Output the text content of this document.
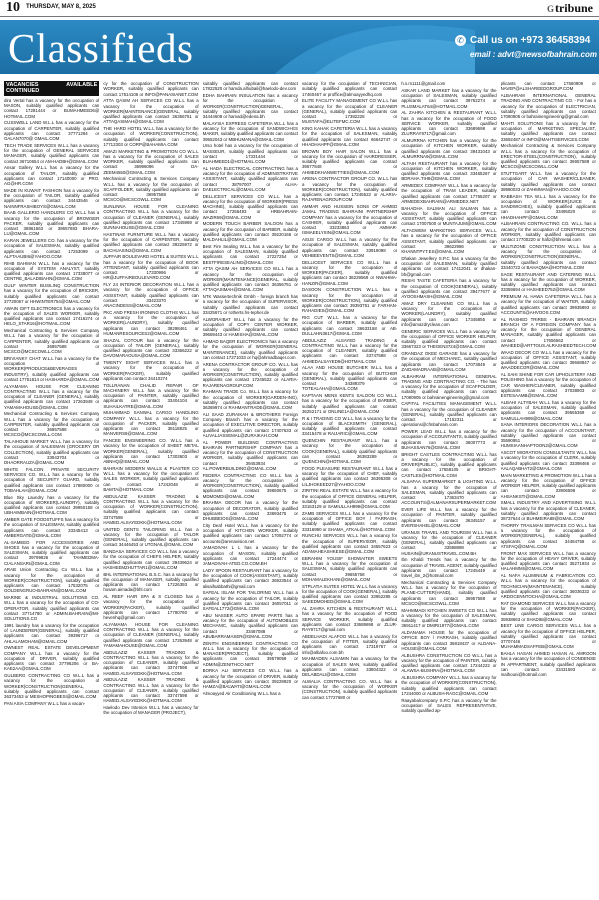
10 THURSDAY, MAY 8, 2025	Gtribune
Classifieds	✆ Call us on +973 36458394
email : advt@newsofbahrain.com
VACANCIES AVAILABLE CONTINUED

dira Vertal has a vacancy for the occupation of MASON, suitably qualified applicants can contact 17281444 or BUMAHMEED6@ HOTMAIL.COM

CUSSWELL LAND W.L.L has a vacancy for the occupation of CARPENTER, suitably qualified applicants can contact 37771294 or GALAN7070@ GMAIL.COM

TECH TRADE SERVICES W.L.L has a vacancy for the occupation of GENERAL SERVICES MANAGER, suitably qualified applicants can contact 36710654 or AM-HADBH@GMAIL.COM

Ansar Gallery W.L.L has a vacancy for the occupation of TAILOR, suitably qualified applicants can contact 17140000 or PRO. AG@HR.COM

MADE IN KUWAIT FASHION has a vacancy for the occupation of TAILOR, suitably qualified applicants can contact 34443546 or NAINNFRASHIBOYS@GMAIL.COM

BAAB GALLERIO HANDLERS CO W.L.L has a vacancy for the occupation of BROWSER PACKER, suitably qualified applicants can contact 38861563 or 38657883 BHARA-LU@GMAIL.COM

KARAN JEWELLERS CO. has a vacancy for the occupation of SALESMAN, suitably qualified applicants can contact 17253099 or ALFTAAUBI6@YAHOO.COM

RIHB BAHMAN W.L.L has a vacancy for the occupation of SYSTEM ANALYST, suitably qualified applicants can contact 17338077 or CENTRE_BALADIBAHN@GMAIL.COM

GULF WINTER BUSILINQ CONSTRUCTION has a vacancy for the occupation of BRICKER, suitably qualified applicants can contact 37720067 or HHWINTER754@GMAIL.COM

AWAIN GIFT ELECTRONICS has a vacancy for the occupation of SALES WORKER, suitably qualified applicants can contact 17416274 or HELO_STAR16@HOTMAIL.COM

Mechanical Contracting & Services Company W.L.L has a vacancy for the occupation of CARPENTER, suitably qualified applicants can contact 36957588 or MCSCO@MCSCOWLL.COM

BRIVIANKY CHAT W.L.L has a vacancy for the occupation of WORKER(PRODUCE&BEVERAGES INDUSTRY), suitably qualified applicants can contact 17751814 or HASHARDA@GMAIL.COM

ALYAMAMA HOUSE FOR CLEANING CONTRACTING W.L.L has a vacancy for the occupation of CLEANER (GENERAL), suitably qualified applicants can contact 17263948 or YAMAMAHOUSE@GMAIL.COM

Mechanical Contracting & Services Company W.L.L has a vacancy for the occupation of CARPENTER, suitably qualified applicants can contact 36957588 or MCSCO@MCSCOWLL.COM

TALAIHOUE MARKET W.L.L has a vacancy for the occupation of SALESMAN (GROCERY OR COLLECTION), suitably qualified applicants can contact 33943704 or DHAORRAUZA@GMAIL.COM

WHITE FALCON PRIVATE SECURITY SERVICES CO. W.L.L has a vacancy for the occupation of SECURITY GUARD, suitably qualified applicants can contact 17880000 or TOBAHLAH@GMAIL.COM

Blue Sky Laundry has a vacancy for the occupation of WORKER(LAUNDRY), suitably qualified applicants can contact 39950158 or UBHAIMBAIN@HOTMAIL.COM

AMBER GATE FOODSTUFFS has a vacancy for the occupation of SALESMAN, suitably qualified applicants can contact 33345413 or AMBERGATE@GMAIL.COM

AL-SAMEED FOR ACCESSORIES AND SHOES has a vacancy for the occupation of SALESMAN, suitably qualified applicants can contact 39799826 or TAHMEDMA-CIALANSARI@GMAIL.COM

ARAB Union Contracting Co W.L.L has a vacancy for the occupation of WORKER(CONSTRUCTION), suitably qualified applicants can contact 17532075 or GOLDENGRUO-BAHRAIN@GMAIL.COM

MARINE & INDUSTRIAL SOLUTIONS CO. W.L.L has a vacancy for the occupation of CO-OPERATOR, suitably qualified applicants can contact 37714780 or ADMIN.BAHRAIN@MI-SOLUTIONS.CO

1991 laundry has a vacancy for the occupation of LAUNDERER(GENERAL), suitably qualified applicants can contact 39396717 or AHLALAMOHAM@GMAIL.COM

OWNEST REAL ESTATE DEVELOPMENT COMPANY W.L.L has a vacancy for the occupation of DRIVER, suitably qualified applicants can contact 37796206 or BA-KAE2AA@GMAIL.COM

GULBERG CONTRACTING CO W.L.L has a vacancy for the occupation of WORKER(CONSTRUCTION)GENERAL, suitably qualified applicants can contact 36373453 or MESHOPINGBESI@GMAIL.COM

PAN ASIA COMPANY W.L.L has a vacan-

cy for the occupation of CONSTRUCTION WORKER, suitably qualified applicants can contact 17514106 or INFO@PANASIANET.COM

ATTA QASIM AH SERVICES CO W.L.L has a vacancy for the occupation of WORKER(MAINTENANCE)GENERAL, suitably qualified applicants can contact 36356751 or ATTAQASIMAH@GMAIL.COM

THE HARD HOTEL W.L.L has a vacancy for the occupation of WORKER(CONSTRUCTION), suitably qualified applicants can contact 17712303 or CORP@BAHAMIA.COM

AMAZI MARKETING & PROMOTION CO W.L.L has a vacancy for the occupation of SALES WORKER, suitably qualified applicants can contact 36996096 or DA-ZEEM4550@GMAIL.COM

Mechanical Contracting & Services Company W.L.L has a vacancy for the occupation of SCAFFOLDER, suitably qualified applicants can contact 36957588 or MCSCO@MCSCOWLL.COM

SUNLINNA HOUSE FOR CLEANING CONTRACTING W.L.L has a vacancy for the occupation of CLEANER (GENERAL), suitably qualified applicants can contact 17345969 or SUNNAHOUSE@GMAIL.COM

HASTINAE FURNITURE W.L.L has a vacancy for the occupation of CARPENTER, suitably qualified applicants can contact 39225972 or BACHUASIN2@GMAIL.COM

JUFFAIR BOULEVARD HOTEL & SUITES W.L.L has a vacancy for the occupation of BOOK ATTENDANT, suitably qualified applicants can contact 17330996 or HR@JUFFAIRBOULEVARD.COM

FLY 24 INTERIOR DECORATION W.L.L has a vacancy for the occupation of OFFICE ASSISTANT, suitably qualified applicants can contact 33423370 or ANACINDESS@GMAIL.COM

PKC AND FRESH IRONING CLOTHS W.L.L has a vacancy for the occupation of WORKER(LAUNDRY), suitably qualified applicants can contact 38298461 or HUMANRESOURCES2@GMAIL.COM

SHAZAL COTOUR has a vacancy for the occupation of TAILOR (GENERAL), suitably qualified applicants can contact 33366222 or DAVOMARAOUSA@GMAIL.COM

TWENTY EIGHT SERVICES W.L.L has a vacancy for the occupation of WORKER(PACKER), suitably qualified applicants can contact 34410274

TOLLRANAN CHALID REPAIR OF MACHINERY W.L.L has a vacancy for the occupation of PAINTER, suitably qualified applicants can contact 33404104 or SUHAILKATRE@GMAIL.COM

MUHAMMAD SANWAL CARGO HANDLING COMPANY W.L.L has a vacancy for the occupation of PACKER, suitably qualified applicants can contact 38118825 or MANVERS9@GMAIL.COM

FANCEE ENGINEERING CO. W.L.L has a vacancy for the occupation of SHEET METAL WORKER(GENERAL), suitably qualified applicants can contact 17303603 or ABNHQ@ISMAIL.COM

BAHRAIN MODERN WALLS & PLASTER CO W.L.L has a vacancy for the occupation of SALES WORKER, suitably qualified applicants can contact 17242048 or BAMTA@HOTMAIL.COM

ABDULAZIZ KASSER TRADING & CONTRACTING W.L.L has a vacancy for the occupation of WORKER(CONSTRUCTION), suitably qualified applicants can contact 33747598 or HAMED.ALSAYEDKK@HOTMAIL.COM

UNITED GENTS TAILORING W.L.L has a vacancy for the occupation of TAILOR (GENERAL), suitably qualified applicants can contact 34446453 or UTGNAIL@GMAIL.COM

BANDASA SERVICES CO W.L.L has a vacancy for the occupation of CHEFS HELPER, suitably qualified applicants can contact 39439624 or HASHEEMZHUTTAR1@GMAIL.COM

BHL INTERNATIONAL B.S.C. has a vacancy for the occupation of MANAGER, suitably qualified applicants can contact 17226393 or hosam.aimada@bhl.com

AL REEF HAIR SPA & S CLOSED has a vacancy for the occupation of WORKER(PACKER), suitably qualified applicants can contact 17780760 or hevenhq@gmail.com

ALYAMAMA HOUSE FOR CLEANING CONTRACTING W.L.L has a vacancy for the occupation of CLEANER (GENERAL), suitably qualified applicants can contact 17263948 or YAMAMAHOUSE@GMAIL.COM

ABDULAZIZ KASSER TRADING & CONTRACTING W.L.L has a vacancy for the occupation of CLEANER, suitably qualified applicants can contact 33747598 or HAMED.ALSAYEDKK@HOTMAIL.COM

ABDULAZIZ KASSER TRADING & CONTRACTING W.L.L has a vacancy for the occupation of CLEANER, suitably qualified applicants can contact 33747598 or HAMED.ALSAYEDKK@HOTMAIL.COM

Haelodo Dev Intenion W.L.L has a vacancy for the occupation of MANAGER (PROJECT),

suitably qualified applicants can contact 17822520 or hamda.alhubail@haelodo-dev.com

EDHA BAHRAIN INSULATION has a vacancy for the occupation of WORKER(CONSTRUCTION)GENERAL, suitably qualified applicants can contact 34444608 or hamad@edena.bh

MALAYSIA EXPRESS CAFETERIA W.L.L has a vacancy for the occupation of SANDWICH-ES MAKER, suitably qualified applicants can contact 39552043 or MBHUMANA@GMAIL.COM

Urso hotel has a vacancy for the occupation of MASSEUR, suitably qualified applicants can contact 17331444 or BUAHMEED1@HOTMAIL.COM

AL HADA ELECTRICAL CONTRACTING has a vacancy for the occupation of ADMINISTRATIVE ASSISTANT, suitably qualified applicants can contact 38797007 or ALHA-DAELECTRICAL@GMAIL.COM

DELLICEST SERVICES CO W.L.L has a vacancy for the occupation of WORKER(PRESS MACHINE), suitably qualified applicants can contact 17256493 or HRBAHRAIN-WAZIR69@GMAIL.COM

MODERN TOUCH BARBER SALOON has a vacancy for the occupation of BARBER, suitably qualified applicants can contact 39220166 or MALDAHLIL@GMAIL.COM

Best Fire Sealing W.L.L has a vacancy for the occupation of SALESMAN, suitably qualified applicants can contact 17227254 or BESTFIRESEALING@GMAIL.COM

ATTA QASIM AH SERVICES CO W.L.L has a vacancy for the occupation of WORKER(MAINTENANCE)GENERAL, suitably qualified applicants can contact 36356751 or ATTAQASIMAH@GMAIL.COM

NTK Wassertechnik Gmbh - foreign branch has a vacancy for the occupation of SUPERVISOR, suitably qualified applicants can contact 33425671 or rotherts.hs-tepher.de

ALWORAIBAT W.L.L has a vacancy for the occupation of COPY CENTER WORKER, suitably qualified applicants can contact 39669443 or HAMISHA@GMAIL.COM

AHMAD BAQER ELECTRONICS has a vacancy for the occupation of WORKER(GENERAL MAINTENANCE), suitably qualified applicants can contact 17271033 or hq@ahmadbaqer.com

ARENA CONTRACTOR GROUP CO. W.L.L has a vacancy for the occupation of WORKER(CONSTRUCTION), suitably qualified applicants can contact 17245522 or ALARIA-RAJARENAGROUP.COM

RAHMAN TRADE Co. W.L.L has a vacancy for the occupation of WORKER(GARDEN-ING), suitably qualified applicants can contact 36369974 or RAHMANTRADE@GMAIL.COM

ALI SAAD ZURAIKAH & BROTHERS Foreign Company Branch has a vacancy for the occupation of EXECUTIVE DIRECTOR, suitably qualified applicants can contact 17407633 or ALIVALJASSEMAL@ZURAIKAH.COM

AL POWER BUILDING CONTRACTING BAHRAIN PARTNERSHIP COMPANY has a vacancy for the occupation of CONSTRUCTION WORKER, suitably qualified applicants can contact 39453934 or AL.POWERBUILDING@GMAIL.COM

FEDERA CONTRACTING CO W.L.L has a vacancy for the occupation of WORKER(CONSTRUCTION), suitably qualified applicants can contact 39650675 or MDMOMDI@GMAIL.COM

BRAHMA DECOR has a vacancy for the occupation of DECORATOR, suitably qualified applicants can contact 33693475 or DHUBBEIOS@GMAIL.COM

City Deaf Hotel W.L.L has a vacancy for the occupation of KITCHEN WORKER, suitably qualified applicants can contact 17092774 or accounts@arenavision.net

JAMADIVAH L L has a vacancy for the occupation of MASON, suitably qualified applicants can contact 17244474 or JAMADIVAH-ATED.CO.COM.BH

LADY SPOON RESTAURANT has a vacancy for the occupation of COOK(ASSISTANT), suitably qualified applicants can contact 36923544 or alisaifsabbathi@gmail.com

SAFEAL ISLAM FOR TAILORING W.L.L has a vacancy for the occupation of TAILOR, suitably qualified applicants can contact 36057011 or SAFEAL1772@GMAIL.COM

ABU NASSER AUTO SPARE PARTS has a vacancy for the occupation of AUTOMOBILES MECHANIC, suitably qualified applicants can contact 33487088 or ABUBARRAMASER@GMAIL.COM

ZENITH ENGINEERING CONTRACTING CO W.L.L has a vacancy for the occupation of MANAGER(PROJECT), suitably qualified applicants can contact 39579059 or ADMIN@ZENITHCO.NET

BORKA ALI SERVICES CO W.L.L has a vacancy for the occupation of DRIVER, suitably qualified applicants can contact 39229920 or HAMZA@BALWATI@GMAIL.COM

Almoayyed Air Conditioning W.L.L has a

vacancy for the occupation of TECHNICIAN, suitably qualified applicants can contact 17460467 or proffice@almoayyedhq.com

ELITE FACILITY MANAGEMENT CO W.L.L has a vacancy for the occupation of CLEANER (GENERAL), suitably qualified applicants can contact 17382228 or MUSTAFA@ELITEFMC.COM

KING KAHAK CAFETERIA W.L.L has a vacancy for the occupation of SALESMAN, suitably qualified applicants can contact 66642747 or HHADHAHPF@GMAIL.COM

BROWN BOY HAIR SALON W.L.L has a vacancy for the occupation of HAIRDRESSER, suitably qualified applicants can contact 39577848 or AHMEDKHANWETTIES@GMAIL.COM

ARENA CONTRACTOR GROUP CO. W.L.L has a vacancy for the occupation of WORKER(CONSTRUCTION), suitably qualified applicants can contact 17245522 or ALARIA-RAJARENAGROUP.COM

AMMAR AND HUSSEIN SONS OF AHMED JAMAL TRADING BAHRAINI PARTNERSHIP COMPANY has a vacancy for the occupation of CASHIER, suitably qualified applicants can contact 33233863 or AMMAR-ISMAEELYSIN@GMAIL.COM

ASUS CARGO W.L.L has a vacancy for the occupation of SALESMAN, suitably qualified applicants can contact 33919098 or VEHBEEVENTS@GMAIL.COM

DELLICEST SERVICES CO W.L.L has a vacancy for the occupation of WORKER(PACKER), suitably qualified applicants can contact 38229569 or NWAHMA-HANZIR@GMAIL.COM

DASOON CONSTRUCTION W.L.L has a vacancy for the occupation of WORKER(CONSTRUCTION), suitably qualified applicants can contact 39393751 or FARHAN-RAHADIES@GMAIL.COM

RIG CUT W.L.L has a vacancy for the occupation of BARBER, suitably qualified applicants can contact 36633168 or AB-DULLAHN3617@GMAIL.COM

ABDULAZIZ ALSAYED TRADING & CONTRACTING W.L.L has a vacancy for the occupation of CLEANER, suitably qualified applicants can contact 33747598 or AHMEDALSAYED9@HOTMAIL.COM

ALAA AND HOUSE BUTCHER W.L.L has a vacancy for the occupation of BUTCHER (GENERAL), suitably qualified applicants can contact 34389379 or TOTEALAHA@GMAIL.COM

KAPTAAN MENS KENTS SALOON CO W.L.L has a vacancy for the occupation of BARBER, suitably qualified applicants can contact 36252171 or ONLINE1A@GMAIL.COM

R & I TRADING CO W.L.L has a vacancy for the occupation of BLACKSMITH (GENERAL), suitably qualified applicants can contact 33415478 or RAIJARIC@GMAIL.COM

QUENCHIN RESTAURANT W.L.L has a vacancy for the occupation of COOK(GENERAL), suitably qualified applicants can contact 36383289 or QUENCHIN@HOTMAIL.COM

FOOD PLEASURE RESTAURANT W.L.L has a vacancy for the occupation of CHEF, suitably qualified applicants can contact 36395308 or LILJHOKEED27@YAHOO.COM

ZIRITINI REAL ESTATE W.L.L has a vacancy for the occupation of OFFICE GENERAL HELPER, suitably qualified applicants can contact 33153129 or SAMIULLAH999@GMAIL.COM

ZAMB SERVICES W.L.L has a vacancy for the occupation of OFFICE BOY / FARRASH, suitably qualified applicants can contact 33316990 or SHAMA_ATKAL@HOTMAIL.COM

RUNCHU SERVICES W.L.L has a vacancy for the occupation of SUPERVISOR, suitably qualified applicants can contact 34557623 or ADAMAHEASHKESE@GMAIL.COM

EBRAHIM YOUSIF SHOWAITER SWEETS W.L.L has a vacancy for the occupation of SALESMAN, suitably qualified applicants can contact 39655768 or MOHAMALEKHANI@GMAIL.COM

STPLATIA SUITES HOTEL W.L.L has a vacancy for the occupation of COOK(GENERAL), suitably qualified applicants can contact 33952285 or SAEEDMOHED@GMAIL.COM

AL ZAHRA KITCHEN & RESTAURANT W.L.L has a vacancy for the occupation of FOOD SERVICE WORKER, suitably qualified applicants can contact 33689698 or ZLUR-RAY9717@gmail.com

ABDELHADI ALAFOO W.L.L has a vacancy for the occupation of FITTER, suitably qualified applicants can contact 17319767 or info@albafoo.com.bh

MAHMADEN ALSAMIN has a vacancy for the occupation of SALES MAN, suitably qualified applicants can contact 33804322 or DELABDALI@GMAIL.COM

ALWALIA CONTRACTING CO. W.L.L has a vacancy for the occupation of WORKER (CONSTRUCTION), suitably qualified applicants can contact 17727680 or

h.s.m1111@gmail.com

ASKAR LAND MARKET has a vacancy for the occupation of SALESMAN, suitably qualified applicants can contact 39762274 or PLUSMALAT64@HOTMAIL.COM

AL ZAHRA KITCHEN & RESTAURANT W.L.L has a vacancy for the occupation of FOOD SERVICE WORKER, suitably qualified applicants can contact 33689698 or ZLURRAY9717@gmail.com

ALMURRNA KITCHEN has a vacancy for the occupation of KITCHEN WORKER, suitably qualified applicants can contact 39431043 or ALMURRNA9@GMAIL.COM

ALTAIH RESTAURANT has a vacancy for the occupation of KITCHEN WORKER, suitably qualified applicants can contact 33465267 or BDRAHA.TIH9@GMAIL.COM

ARMEDEX COMPANY W.L.L has a vacancy for the occupation of TRAM LEADER, suitably qualified applicants can contact 17765207 or ARMEDEXBAHRAIN@ARMEDEX.NET

BAHADHA SALMAN ALI SALMAN has a vacancy for the occupation of OFFICE ASSISTANT, suitably qualified applicants can contact 17007500 or MUNTAJUM@GMAIL.COM

ALTAGWEM MARKETING SERVICES W.L.L has a vacancy for the occupation of OFFICE ASSISTANT, suitably qualified applicants can contact 39622986 or KHANNTPYT.ES@GMAIL.COM

Dhakan Jewellery S.P.C has a vacancy for the occupation of SALESMAN, suitably qualified applicants can contact 17412041 or dhakan-bh@gmail.com

RESHI TASTE CAFETERIA has a vacancy for the occupation of COOK(GENERAL), suitably qualified applicants can contact 39477677 or AYOOSHMASH@GMAIL.COM

AMAZ DRY CLEANING CO W.L.L has a vacancy for the occupation of WORKER(LAUNDRY), suitably qualified applicants can contact 17345855 or info@amazdryclean.com

GENERIC SERVICES W.L.L has a vacancy for the occupation of OFFICE WORKER HELPER, suitably qualified applicants can contact 33667323 or THEGEN3724@GMAIL.COM

GRANDAZ OKEE GARAGE has a vacancy for the occupation of MECHANIC, suitably qualified applicants can contact 17073849 or ZAIDAMADRAAB@GMAIL.COM

ALBAHRAM INTERNATIONAL GENERAL TRADING AND CONTRACTING CO. - The has a vacancy for the occupation of SCAFFOLDER, suitably qualified applicants can contact 17080905 or bahrainengineering@gmail.com

CAPITAL FACILITIES MANAGEMENT W.L.L has a vacancy for the occupation of CLEANER (GENERAL), suitably qualified applicants can contact 17152311 or operations@cfmbahrain.com

POWER LEAD W.L.L has a vacancy for the occupation of ACCOUNTANTS, suitably qualified applicants can contact 36007773 or BUHASSAN76@GMAIL.COM

BRIGHT CASTLES CONTRACTING W.L.L has a vacancy for the occupation of DRIVER(PUBLIC), suitably qualified applicants can contact 17658105 or BRIGHT-CASTLES@HOTMAIL.COM

ALSAFAA SUPERMARKET & LIGHTING W.L.L has a vacancy for the occupation of SALESMAN, suitably qualified applicants can contact 17363470 or ACCOUNTS@ALMANARSUPERMARKET.COM

EVER LIFE W.L.L has a vacancy for the occupation of PAINTER, suitably qualified applicants can contact 36345157 or EVERSHAHEL@GMAIL.COM

URANUS TRAVEL AND TOURISM W.L.L has a vacancy for the occupation of CLEANER (GENERAL), suitably qualified applicants can contact 33598898 or HUSAIN@URANUSTRAVEL.COM.BH

Ibn Khaldi Trends has a vacancy for the occupation of TRAVEL AGENT, suitably qualified applicants can contact 17245449 or travel_ibn_2@hotmail.com

Mechanical Contracting & Services Company W.L.L has a vacancy for the occupation of PLANE-CUTTER(HAND), suitably qualified applicants can contact 36957588 or MCSCO@MCSCOWLL.COM

MAHMMADI KITCHEN SWEETS CO W.L.L has a vacancy for the occupation of SALESMAN, suitably qualified applicants can contact 36911417 or DMIRI1977@GMAIL.COM

ALDANAMA HOUSE for the occupation of OFFICE BOY / FARRASH, suitably qualified applicants can contact 36818437 or ALDANA-HOUSE@GMAIL.COM

ALBUSHRA CONSTRUCTION CO W.L.L has a vacancy for the occupation of PAINTER, suitably qualified applicants can contact 17244222 or ALAWSA-BUSHRA@HOTMAIL.COM

ALBUSHRA COMPANY W.L.L has a vacancy for the occupation of WORKER(CONSTRUCTION), suitably qualified applicants can contact 17244000 or ALBUSH-RAGC@GMAIL.COM

Raayabalcompany S.P.C has a vacancy for the occupation of SALES REPRESENTATIVE, suitably qualified ap-

plicants can contact 17560909 or NAVEP@ALSHAREEDGROUP.COM

ALBAHRAM INTERNATIONAL GENERAL TRADING AND CONTRACTING CO. - For has a vacancy for the occupation of ELECTRICIAN, suitably qualified applicants can contact 17080905 or bahrainengineering@gmail.com

MAHTI SOLUTIONS has a vacancy for the occupation of MARKETING SPECIALIST, suitably qualified applicants can contact 33692487 or INFO@MAHTISERVICES.COM

Mechanical Contracting & Services Company W.L.L has a vacancy for the occupation of ERECTOR-STEEL(CONSTRUCTION), suitably qualified applicants can contact 36957588 or MCSCO@MCSCOWLL.COM

STUTTGART W.L.L has a vacancy for the occupation of CAR WASHER/CLEANER, suitably qualified applicants can contact 38980033 or ZAHMMAN@YAHOO.COM

RABBASH TEA W.L.L has a vacancy for the occupation of WORKER(JUICE & SANDWICHES), suitably qualified applicants can contact 33495020 or HHADHAHPF@GMAIL.COM

ALBAHRAIN CONTRACTING CO. W.L.L has a vacancy for the occupation of CONSTRUCTION WORKER, suitably qualified applicants can contact 17700220 or hafiz@bhmetal.com

MULTIZONE CONSTRUCTION W.L.L has a vacancy for the occupation of WORKER(CONSTRUCTION)GENERAL, suitably qualified applicants can contact 33440722 or BAHAQMA@HOTMAIL.COM

SAGE RESTAURANT AND CATERING W.L.L has a vacancy for the occupation of WORKER, suitably qualified applicants can contact 33359694 or HASHEED752@GMAIL.COM

PREMIUM AL HAWA CAFETERIA W.L.L has a vacancy for the occupation of WAITER, suitably qualified applicants can contact 39935893 or ACCOUNTS@AHVOOS.COM

AL RASHED TRIRBS - BAHRAIN BRANCH BRANCH OF A FOREIGN COMPANY has a vacancy for the occupation of GENERAL MANAGER, suitably qualified applicants can contact 17656562 or WAHEED@ARTTOUS.ALRASHEEDTECH.COM

WAAD DECOR CO W.L.L has a vacancy for the occupation of OFFICE ASSISTANT, suitably qualified applicants can contact 39668847 or WAADDECOR@GMAIL.COM

AL SAHI SHINE FOR CAR UPHOLSTERY AND POLISHING has a vacancy for the occupation of CAR WASHER/CLEANER, suitably qualified applicants can contact 37038903 or ESTESAAMB@GMAIL.COM

ALBAHI ALTYBAH W.L.L has a vacancy for the occupation of SALESMAN, suitably qualified applicants can contact 39565369 or SAMIULLAH999@GMAIL.COM

SANA INTERIORS DECORATION W.L.L has a vacancy for the occupation of ACCOUNTANT, suitably qualified applicants can contact 35590951 or HUMSIAANHAPTOON2@GMAIL.COM

ASCOT MIGRATION CONSULTANTS W.L.L has a vacancy for the occupation of CLERK, suitably qualified applicants can contact 33398466 or AALAQABHAT2@GMAIL.COM

MAIN MARKETING & PROMOTION W.L.L has a vacancy for the occupation of OFFICE WORKER HELPER, suitably qualified applicants can contact 33906598 or AHSANKSTI@GMAIL.COM

SMALL INDUSTRY AND ADVERTISING W.L.L has a vacancy for the occupation of CLEANER, suitably qualified applicants can contact 38737644 or BUHMEIRA88@GMAIL.COM

THORRY TRAILMAN SERVICES CO W.L.L has a vacancy for the occupation of WORKER(GENERAL), suitably qualified applicants can contact 34484758 or ATSFAQ@GMAIL.COM

FRONT MAX SERVICES W.L.L has a vacancy for the occupation of HEAVY DRIVER, suitably qualified applicants can contact 35271934 or HALAHMMI@GMAIL.COM

AL NAFA ALUMINIUM & FABRICATION CO. W.L.L has a vacancy for the occupation of TECHNICIAN(MAINTENANCE), suitably qualified applicants can contact 36036332 or ARDOCENNTOCHA@GMAIL.COM

RAT DIAMOND SERVICES W.L.L has a vacancy for the occupation of WORKER(PACKER), suitably qualified applicants can contact 35938663 or SHADIB@GMAIL.COM

BEST LINE CARGO SERVICES W.L.L has a vacancy for the occupation of OFFICE HELPER, suitably qualified applicants can contact 37707446 or MUHAMMADSAFFEB@GMAIL.COM

BAHLA HASAN AHMED HASAN AL AMROON has a vacancy for the occupation of CONDENSE IN APPARTMENT, suitably qualified applicants can contact 33431593 or malhouni@hotmail.com
